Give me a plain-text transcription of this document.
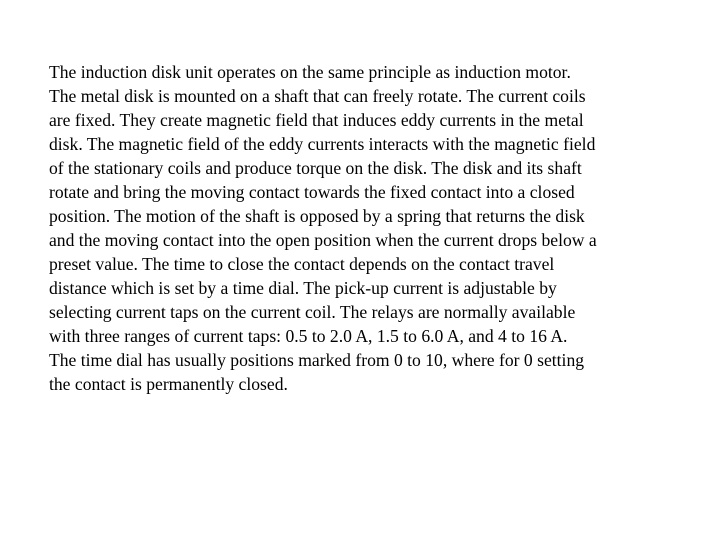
The induction disk unit operates on the same principle as induction motor.
The metal disk is mounted on a shaft that can freely rotate. The current coils
are fixed. They create magnetic field that induces eddy currents in the metal
disk. The magnetic field of the eddy currents interacts with the magnetic field
of the stationary coils and produce torque on the disk. The disk and its shaft
rotate and bring the moving contact towards the fixed contact into a closed
position. The motion of the shaft is opposed by a spring that returns the disk
and the moving contact into the open position when the current drops below a
preset value. The time to close the contact depends on the contact travel
distance which is set by a time dial. The pick-up current is adjustable by
selecting current taps on the current coil. The relays are normally available
with three ranges of current taps: 0.5 to 2.0 A, 1.5 to 6.0 A, and 4 to 16 A.
The time dial has usually positions marked from 0 to 10, where for 0 setting
the contact is permanently closed.
